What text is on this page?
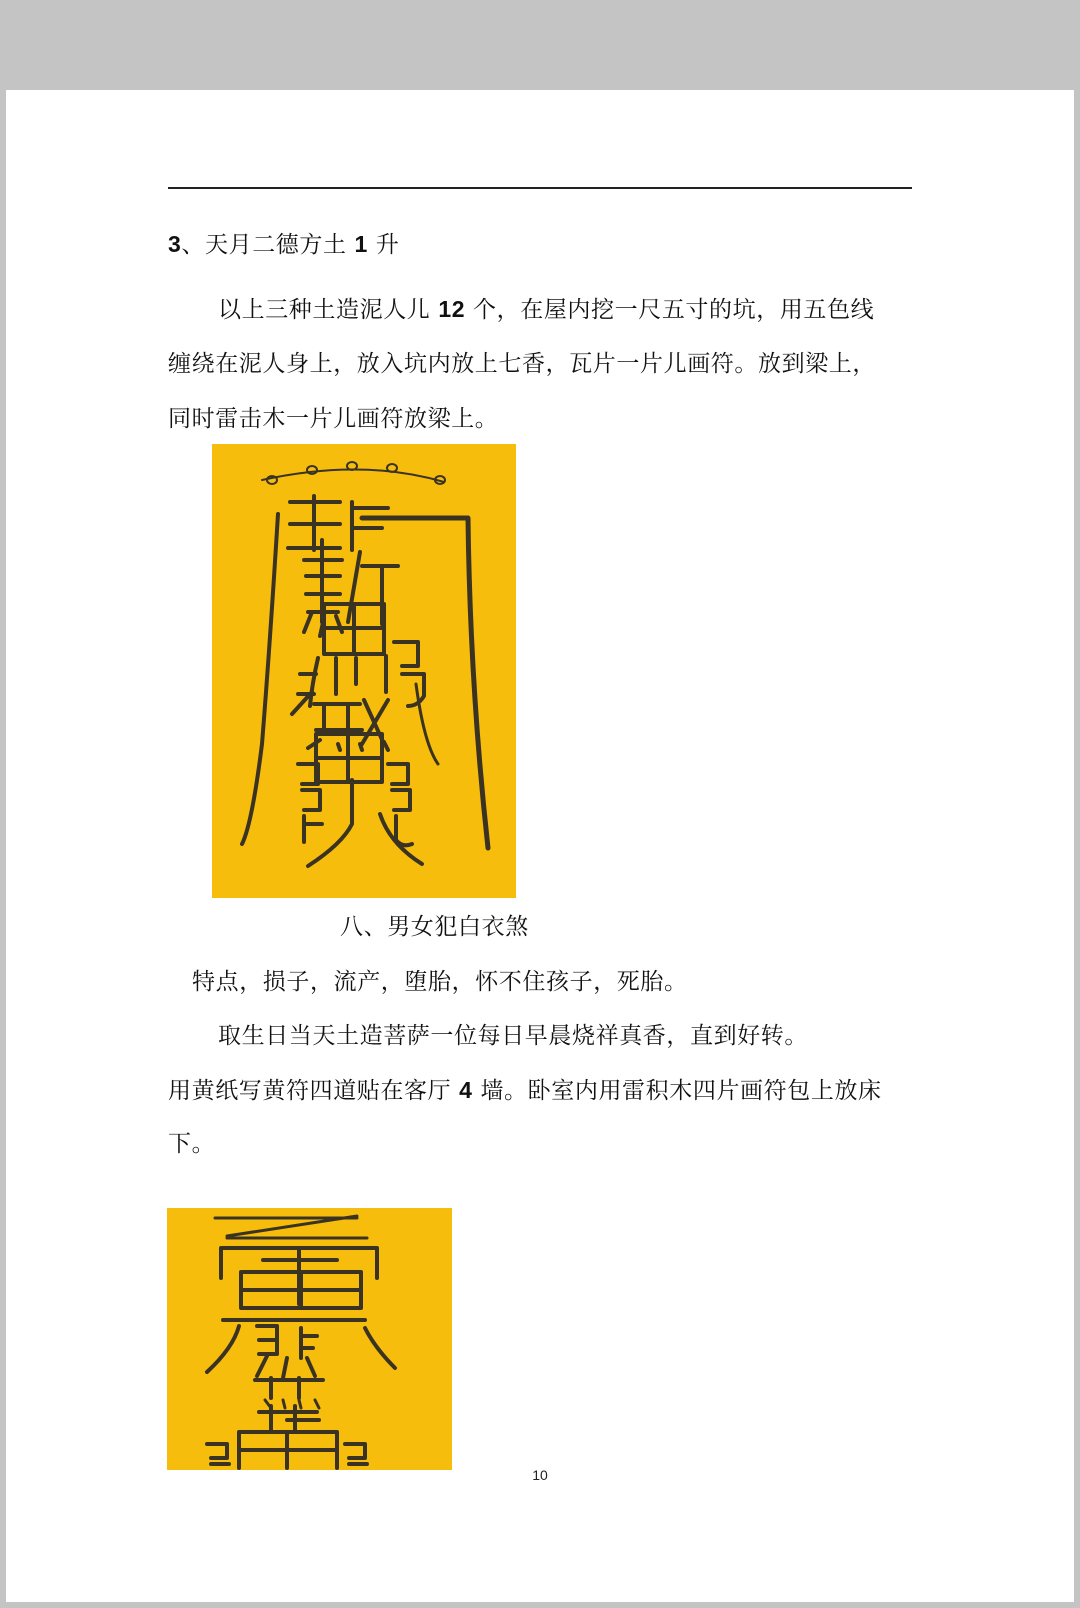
3、天月二德方土 1 升
以上三种土造泥人儿 12 个，在屋内挖一尺五寸的坑，用五色线
缠绕在泥人身上，放入坑内放上七香，瓦片一片儿画符。放到梁上，
同时雷击木一片儿画符放梁上。
八、男女犯白衣煞
特点，损子，流产，堕胎，怀不住孩子，死胎。
取生日当天土造菩萨一位每日早晨烧祥真香，直到好转。
用黄纸写黄符四道贴在客厅 4 墙。卧室内用雷积木四片画符包上放床
下。
10
